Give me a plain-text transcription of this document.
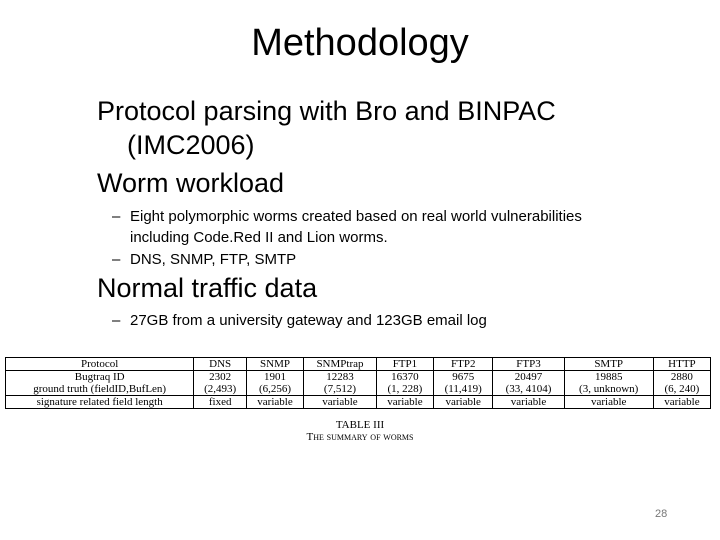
Methodology
Protocol parsing with Bro and BINPAC
(IMC2006)
Worm workload
– Eight polymorphic worms created based on real world vulnerabilities
including Code.Red II and Lion worms.
– DNS, SNMP, FTP, SMTP
Normal traffic data
– 27GB from a university gateway and 123GB email log
Protocol	DNS	SNMP	SNMPtrap	FTP1	FTP2	FTP3	SMTP	HTTP
Bugtraq ID	2302	1901	12283	16370	9675	20497	19885	2880
ground truth (fieldID,BufLen)	(2,493)	(6,256)	(7,512)	(1, 228)	(11,419)	(33, 4104)	(3, unknown)	(6, 240)
signature related field length	fixed	variable	variable	variable	variable	variable	variable	variable
TABLE III
The summary of worms
28
